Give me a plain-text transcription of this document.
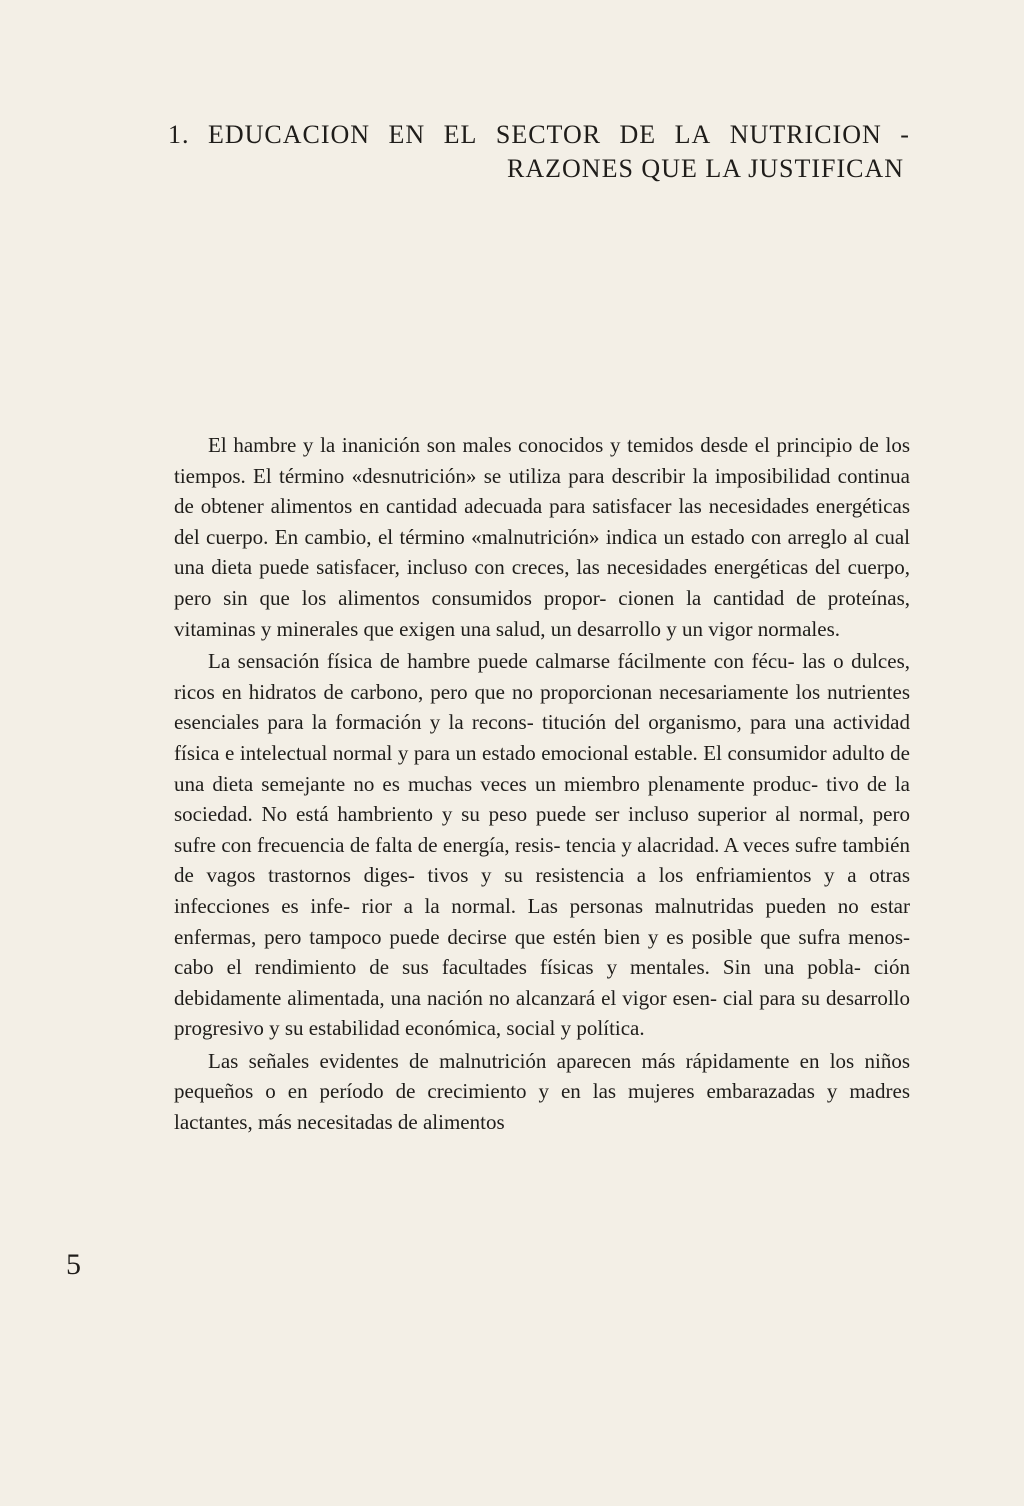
1. EDUCACION EN EL SECTOR DE LA NUTRICION -
RAZONES QUE LA JUSTIFICAN

El hambre y la inanición son males conocidos y temidos desde el principio de los tiempos. El término «desnutrición» se utiliza para describir la imposibilidad continua de obtener alimentos en cantidad adecuada para satisfacer las necesidades energéticas del cuerpo. En cambio, el término «malnutrición» indica un estado con arreglo al cual una dieta puede satisfacer, incluso con creces, las necesidades energéticas del cuerpo, pero sin que los alimentos consumidos propor- cionen la cantidad de proteínas, vitaminas y minerales que exigen una salud, un desarrollo y un vigor normales.

La sensación física de hambre puede calmarse fácilmente con fécu- las o dulces, ricos en hidratos de carbono, pero que no proporcionan necesariamente los nutrientes esenciales para la formación y la recons- titución del organismo, para una actividad física e intelectual normal y para un estado emocional estable. El consumidor adulto de una dieta semejante no es muchas veces un miembro plenamente produc- tivo de la sociedad. No está hambriento y su peso puede ser incluso superior al normal, pero sufre con frecuencia de falta de energía, resis- tencia y alacridad. A veces sufre también de vagos trastornos diges- tivos y su resistencia a los enfriamientos y a otras infecciones es infe- rior a la normal. Las personas malnutridas pueden no estar enfermas, pero tampoco puede decirse que estén bien y es posible que sufra menos- cabo el rendimiento de sus facultades físicas y mentales. Sin una pobla- ción debidamente alimentada, una nación no alcanzará el vigor esen- cial para su desarrollo progresivo y su estabilidad económica, social y política.

Las señales evidentes de malnutrición aparecen más rápidamente en los niños pequeños o en período de crecimiento y en las mujeres embarazadas y madres lactantes, más necesitadas de alimentos

5
